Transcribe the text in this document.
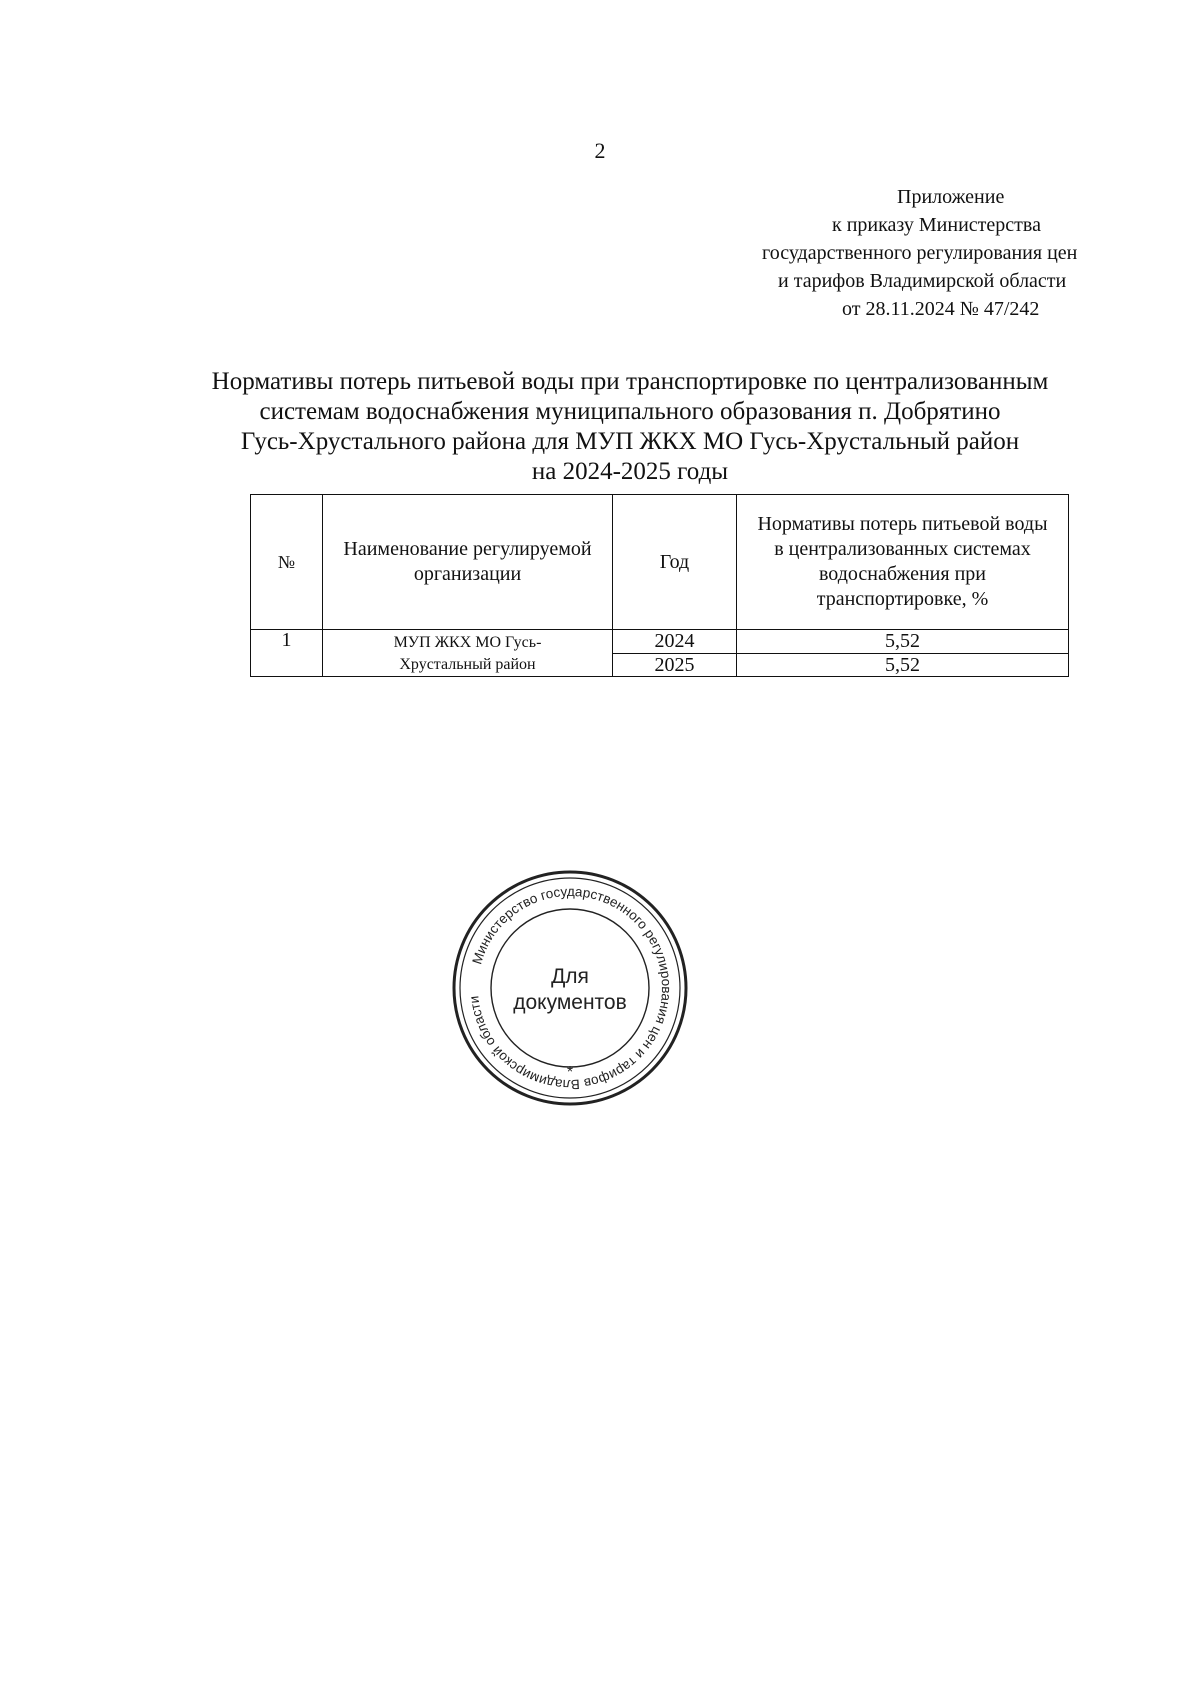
2
Приложение
к приказу Министерства
государственного регулирования цен
и тарифов Владимирской области
от 28.11.2024 № 47/242
Нормативы потерь питьевой воды при транспортировке по централизованным
системам водоснабжения муниципального образования п. Добрятино
Гусь-Хрустального района для МУП ЖКХ МО Гусь-Хрустальный район
на 2024-2025 годы
№	Наименование регулируемой организации	Год	Нормативы потерь питьевой воды в централизованных системах водоснабжения при транспортировке, %
1	МУП ЖКХ МО Гусь-Хрустальный район	2024	5,52
		2025	5,52
Министерство государственного регулирования цен и тарифов Владимирской области
*
Для
документов
